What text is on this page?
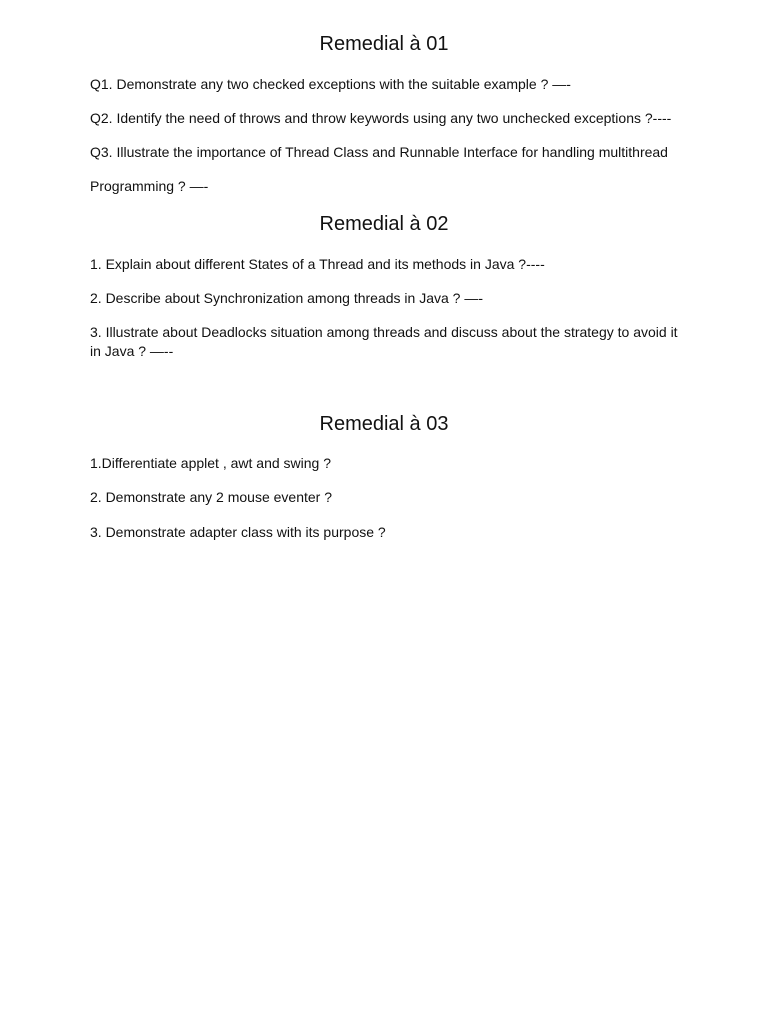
Remedial à 01

Q1. Demonstrate any two checked exceptions with the suitable example ? —-

Q2. Identify the need of throws and throw keywords using any two unchecked exceptions ?----

Q3. Illustrate the importance of Thread Class and Runnable Interface for handling multithread

Programming ? —-

Remedial à 02

1. Explain about different States of a Thread and its methods in Java ?----

2. Describe about Synchronization among threads in Java ? —-

3. Illustrate about Deadlocks situation among threads and discuss about the strategy to avoid it

in Java ? —--

Remedial à 03

1.Differentiate applet , awt and swing ?

2. Demonstrate any 2 mouse eventer ?

3. Demonstrate adapter class with its purpose ?
